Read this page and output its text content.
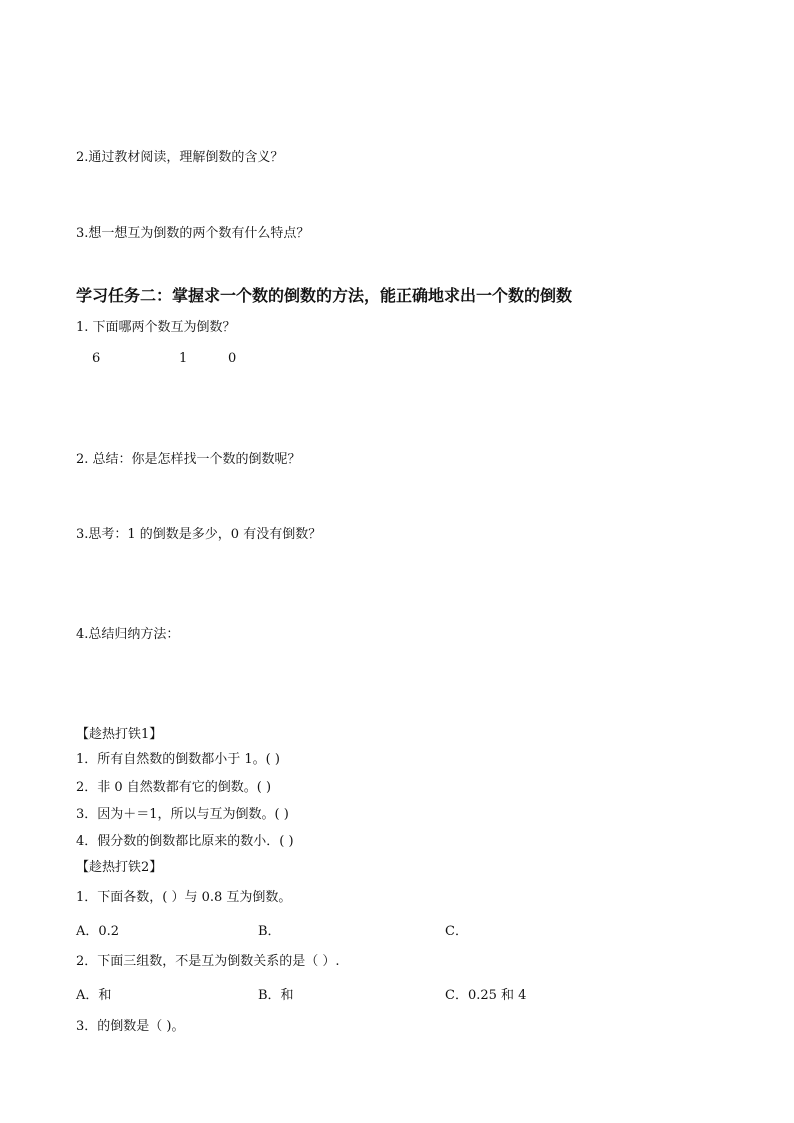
2.通过教材阅读，理解倒数的含义？
3.想一想互为倒数的两个数有什么特点？
学习任务二：掌握求一个数的倒数的方法，能正确地求出一个数的倒数
1. 下面哪两个数互为倒数？
6	1	0
2. 总结：你是怎样找一个数的倒数呢？
3.思考：1 的倒数是多少，0 有没有倒数？
4.总结归纳方法：
【趁热打铁1】
1．所有自然数的倒数都小于 1。( )
2．非 0 自然数都有它的倒数。( )
3．因为＋＝1，所以与互为倒数。( )
4．假分数的倒数都比原来的数小．( )
【趁热打铁2】
1．下面各数，( ）与 0.8 互为倒数。
A．0.2	B．	C．
2．下面三组数，不是互为倒数关系的是（ ）.
A．和	B．和	C．0.25 和 4
3．的倒数是（ )。
